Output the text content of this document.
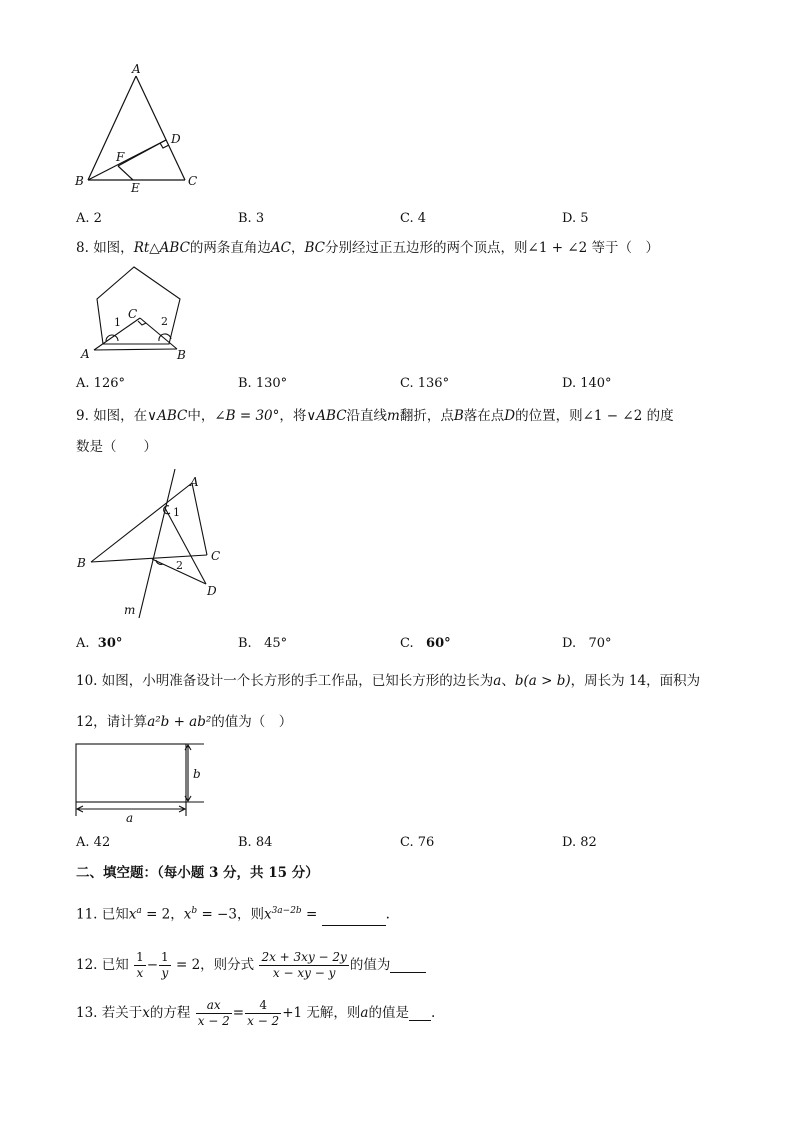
A
B	C
D
E
F
A. 2	B. 3	C. 4	D. 5
8. 如图，Rt△ABC的两条直角边AC，BC分别经过正五边形的两个顶点，则∠1 + ∠2 等于（　）
C
A	B
1	2
A. 126°	B. 130°	C. 136°	D. 140°
9. 如图，在∨ABC中，∠B = 30°，将∨ABC沿直线m翻折，点B落在点D的位置，则∠1 − ∠2 的度
数是（　　）
A
B	C
D
m
1
2
A. 30°	B. 45°	C. 60°	D. 70°
10. 如图，小明准备设计一个长方形的手工作品，已知长方形的边长为a、b(a > b)，周长为 14，面积为
12，请计算a²b + ab²的值为（　）
b
a
A. 42	B. 84	C. 76	D. 82
二、填空题：（每小题 3 分，共 15 分）
11. 已知$x^a = 2$，$x^b = -3$，则$x^{3a-2b}$ =	.
12. 已知 $\frac{1}{x} - \frac{1}{y} = 2$，则分式 $\frac{2x + 3xy - 2y}{x - xy - y}$ 的值为
13. 若关于x的方程 $\frac{ax}{x - 2} = \frac{4}{x - 2} +1$ 无解，则a的值是 .
